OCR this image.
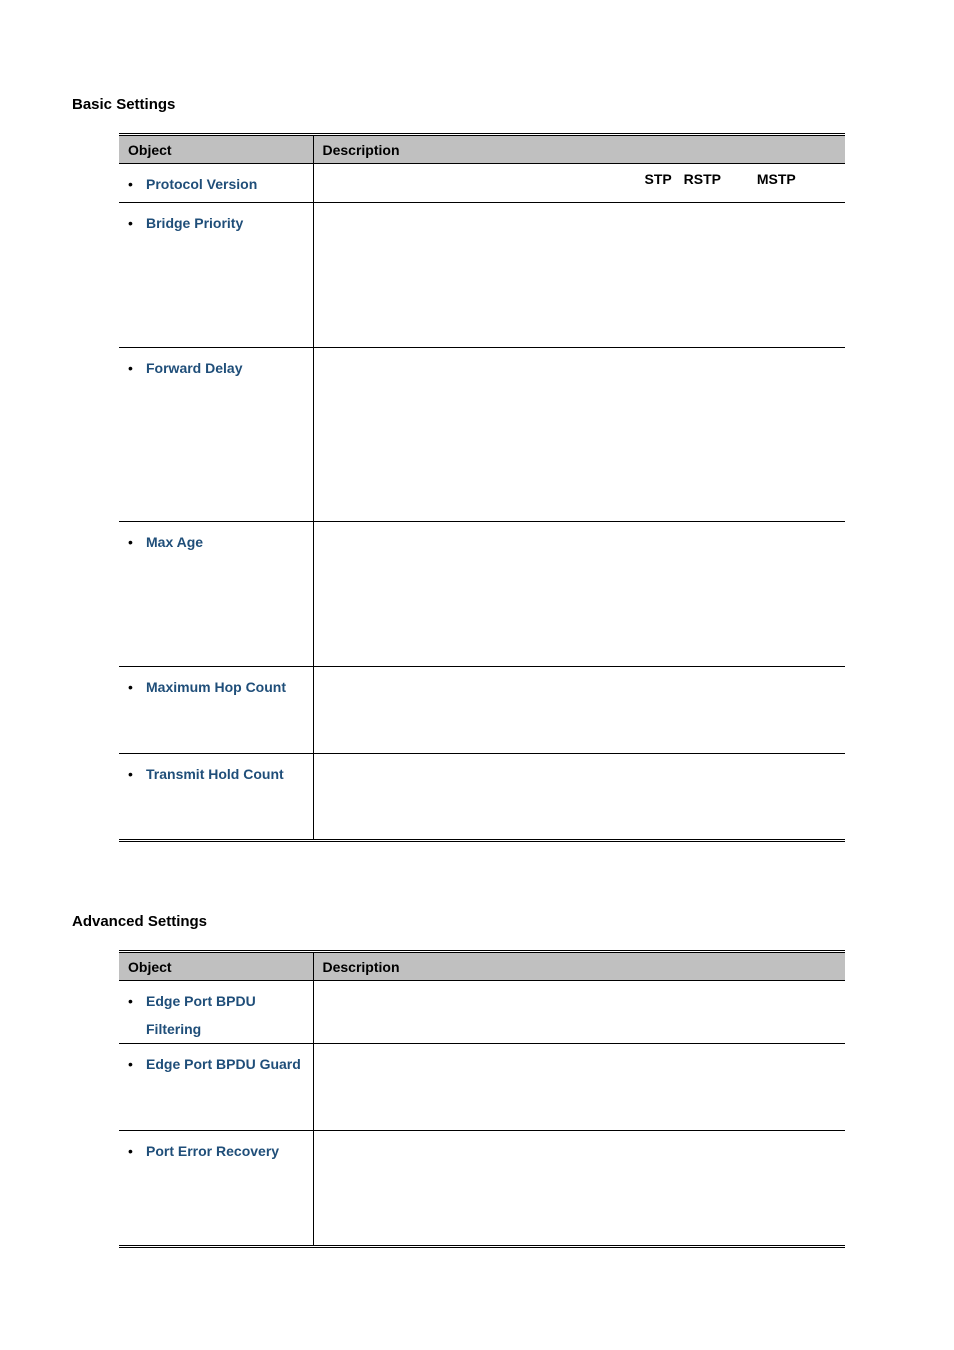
Basic Settings
Object	Description

• Protocol Version	STP RSTP MSTP

• Bridge Priority	

• Forward Delay	

• Max Age	

• Maximum Hop Count	

• Transmit Hold Count	

Advanced Settings
Object	Description

• Edge Port BPDU
Filtering	

• Edge Port BPDU Guard	

• Port Error Recovery	
